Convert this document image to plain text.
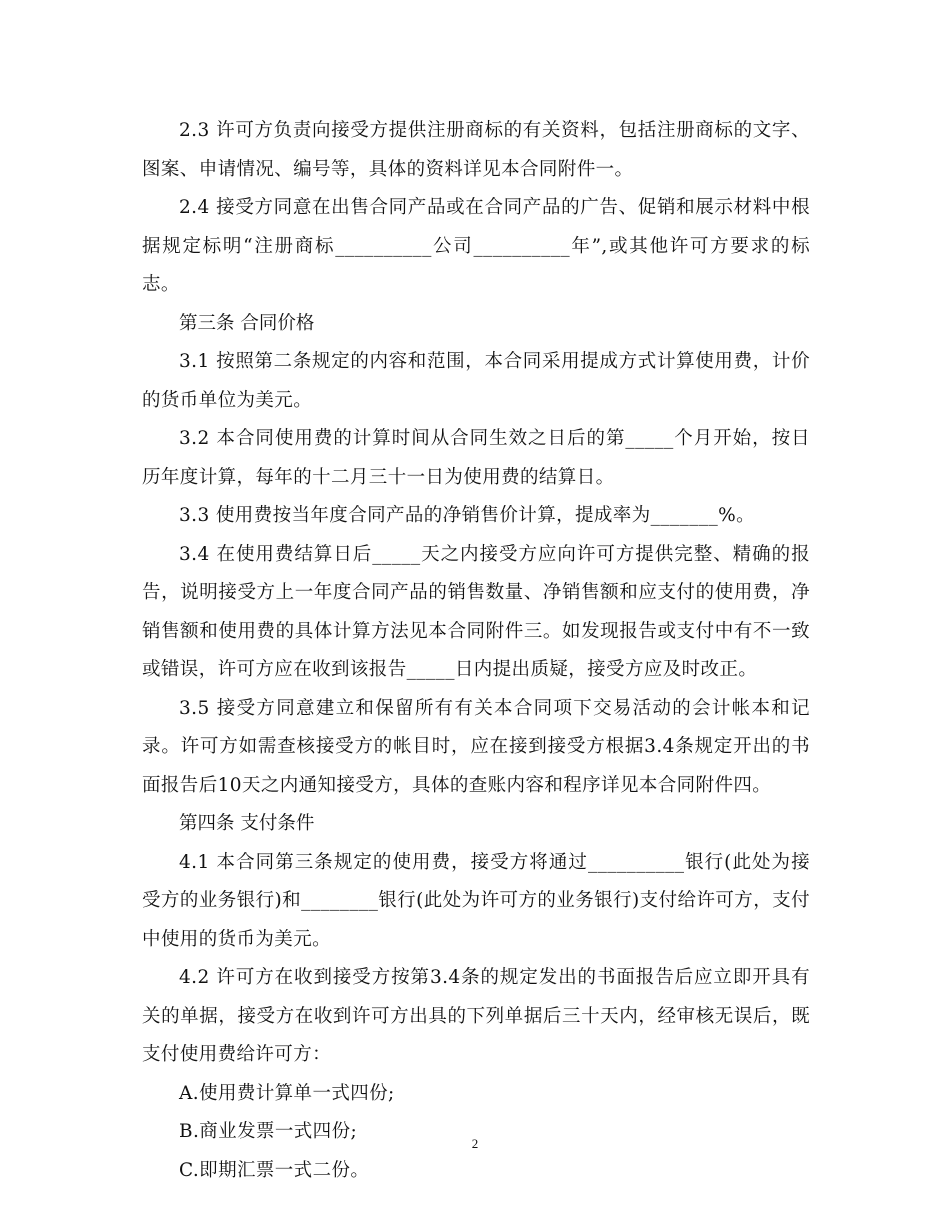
2.3 许可方负责向接受方提供注册商标的有关资料，包括注册商标的文字、图案、申请情况、编号等，具体的资料详见本合同附件一。

2.4 接受方同意在出售合同产品或在合同产品的广告、促销和展示材料中根据规定标明“注册商标__________公司__________年”,或其他许可方要求的标志。

第三条 合同价格

3.1 按照第二条规定的内容和范围，本合同采用提成方式计算使用费，计价的货币单位为美元。

3.2 本合同使用费的计算时间从合同生效之日后的第_____个月开始，按日历年度计算，每年的十二月三十一日为使用费的结算日。

3.3 使用费按当年度合同产品的净销售价计算，提成率为_______%。

3.4 在使用费结算日后_____天之内接受方应向许可方提供完整、精确的报告，说明接受方上一年度合同产品的销售数量、净销售额和应支付的使用费，净销售额和使用费的具体计算方法见本合同附件三。如发现报告或支付中有不一致或错误，许可方应在收到该报告_____日内提出质疑，接受方应及时改正。

3.5 接受方同意建立和保留所有有关本合同项下交易活动的会计帐本和记录。许可方如需查核接受方的帐目时，应在接到接受方根据3.4条规定开出的书面报告后10天之内通知接受方，具体的查账内容和程序详见本合同附件四。

第四条 支付条件

4.1 本合同第三条规定的使用费，接受方将通过__________银行(此处为接受方的业务银行)和________银行(此处为许可方的业务银行)支付给许可方，支付中使用的货币为美元。

4.2 许可方在收到接受方按第3.4条的规定发出的书面报告后应立即开具有关的单据，接受方在收到许可方出具的下列单据后三十天内，经审核无误后，既支付使用费给许可方：

A.使用费计算单一式四份;

B.商业发票一式四份;

C.即期汇票一式二份。

2
